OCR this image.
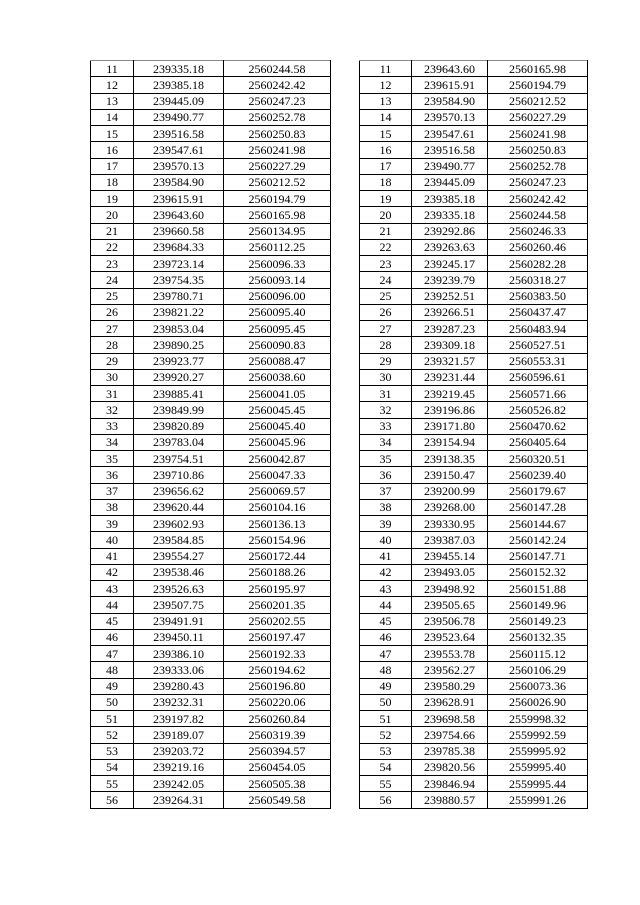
11	239335.18	2560244.58
12	239385.18	2560242.42
13	239445.09	2560247.23
14	239490.77	2560252.78
15	239516.58	2560250.83
16	239547.61	2560241.98
17	239570.13	2560227.29
18	239584.90	2560212.52
19	239615.91	2560194.79
20	239643.60	2560165.98
21	239660.58	2560134.95
22	239684.33	2560112.25
23	239723.14	2560096.33
24	239754.35	2560093.14
25	239780.71	2560096.00
26	239821.22	2560095.40
27	239853.04	2560095.45
28	239890.25	2560090.83
29	239923.77	2560088.47
30	239920.27	2560038.60
31	239885.41	2560041.05
32	239849.99	2560045.45
33	239820.89	2560045.40
34	239783.04	2560045.96
35	239754.51	2560042.87
36	239710.86	2560047.33
37	239656.62	2560069.57
38	239620.44	2560104.16
39	239602.93	2560136.13
40	239584.85	2560154.96
41	239554.27	2560172.44
42	239538.46	2560188.26
43	239526.63	2560195.97
44	239507.75	2560201.35
45	239491.91	2560202.55
46	239450.11	2560197.47
47	239386.10	2560192.33
48	239333.06	2560194.62
49	239280.43	2560196.80
50	239232.31	2560220.06
51	239197.82	2560260.84
52	239189.07	2560319.39
53	239203.72	2560394.57
54	239219.16	2560454.05
55	239242.05	2560505.38
56	239264.31	2560549.58
11	239643.60	2560165.98
12	239615.91	2560194.79
13	239584.90	2560212.52
14	239570.13	2560227.29
15	239547.61	2560241.98
16	239516.58	2560250.83
17	239490.77	2560252.78
18	239445.09	2560247.23
19	239385.18	2560242.42
20	239335.18	2560244.58
21	239292.86	2560246.33
22	239263.63	2560260.46
23	239245.17	2560282.28
24	239239.79	2560318.27
25	239252.51	2560383.50
26	239266.51	2560437.47
27	239287.23	2560483.94
28	239309.18	2560527.51
29	239321.57	2560553.31
30	239231.44	2560596.61
31	239219.45	2560571.66
32	239196.86	2560526.82
33	239171.80	2560470.62
34	239154.94	2560405.64
35	239138.35	2560320.51
36	239150.47	2560239.40
37	239200.99	2560179.67
38	239268.00	2560147.28
39	239330.95	2560144.67
40	239387.03	2560142.24
41	239455.14	2560147.71
42	239493.05	2560152.32
43	239498.92	2560151.88
44	239505.65	2560149.96
45	239506.78	2560149.23
46	239523.64	2560132.35
47	239553.78	2560115.12
48	239562.27	2560106.29
49	239580.29	2560073.36
50	239628.91	2560026.90
51	239698.58	2559998.32
52	239754.66	2559992.59
53	239785.38	2559995.92
54	239820.56	2559995.40
55	239846.94	2559995.44
56	239880.57	2559991.26
